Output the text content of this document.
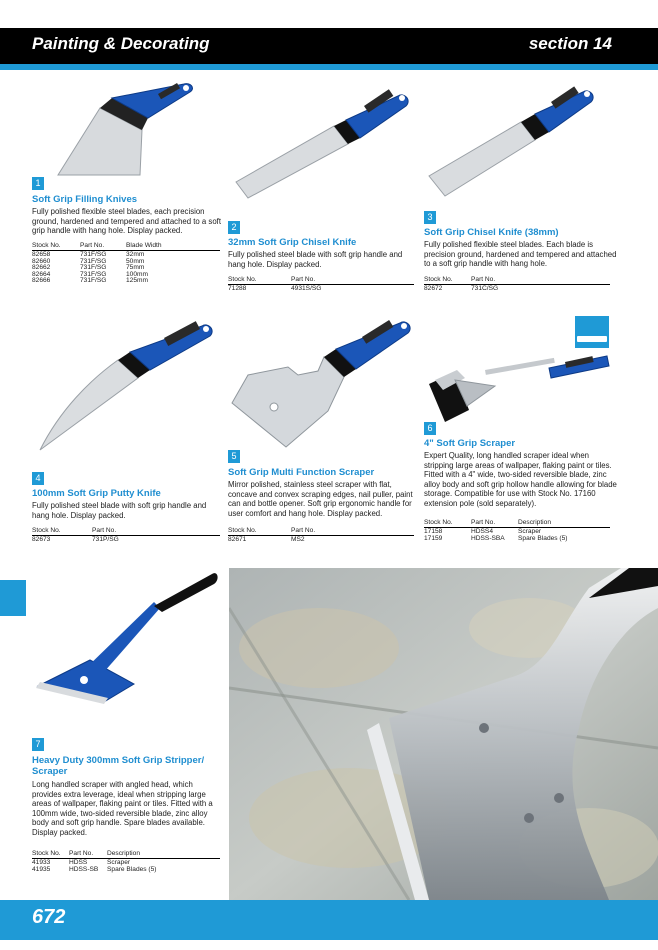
Painting & Decorating	section 14
1
Soft Grip Filling Knives
Fully polished flexible steel blades, each precision ground, hardened and tempered and attached to a soft grip handle with hang hole. Display packed.
Stock No.	Part No.	Blade Width
82658	731F/SG	32mm
82660	731F/SG	50mm
82662	731F/SG	75mm
82664	731F/SG	100mm
82666	731F/SG	125mm
2
32mm Soft Grip Chisel Knife
Fully polished steel blade with soft grip handle and hang hole. Display packed.
Stock No.	Part No.
71288	4931S/SG
3
Soft Grip Chisel Knife (38mm)
Fully polished flexible steel blades. Each blade is precision ground, hardened and tempered and attached to a soft grip handle with hang hole.
Stock No.	Part No.
82672	731C/SG
4
100mm Soft Grip Putty Knife
Fully polished steel blade with soft grip handle and hang hole. Display packed.
Stock No.	Part No.
82673	731P/SG
5
Soft Grip Multi Function Scraper
Mirror polished, stainless steel scraper with flat, concave and convex scraping edges, nail puller, paint can and bottle opener. Soft grip ergonomic handle for user comfort and hang hole. Display packed.
Stock No.	Part No.
82671	MS2
6
4" Soft Grip Scraper
Expert Quality, long handled scraper ideal when stripping large areas of wallpaper, flaking paint or tiles. Fitted with a 4" wide, two-sided reversible blade, zinc alloy body and soft grip hollow handle allowing for blade storage. Compatible for use with Stock No. 17160 extension pole (sold separately).
Stock No.	Part No.	Description
17158	HDSS4	Scraper
17159	HDSS-SBA	Spare Blades (5)
7
Heavy Duty 300mm Soft Grip Stripper/ Scraper
Long handled scraper with angled head, which provides extra leverage, ideal when stripping large areas of wallpaper, flaking paint or tiles. Fitted with a 100mm wide, two-sided reversible blade, zinc alloy body and soft grip handle. Spare blades available. Display packed.
Stock No.	Part No.	Description
41933	HDSS	Scraper
41935	HDSS-SB	Spare Blades (5)
672
